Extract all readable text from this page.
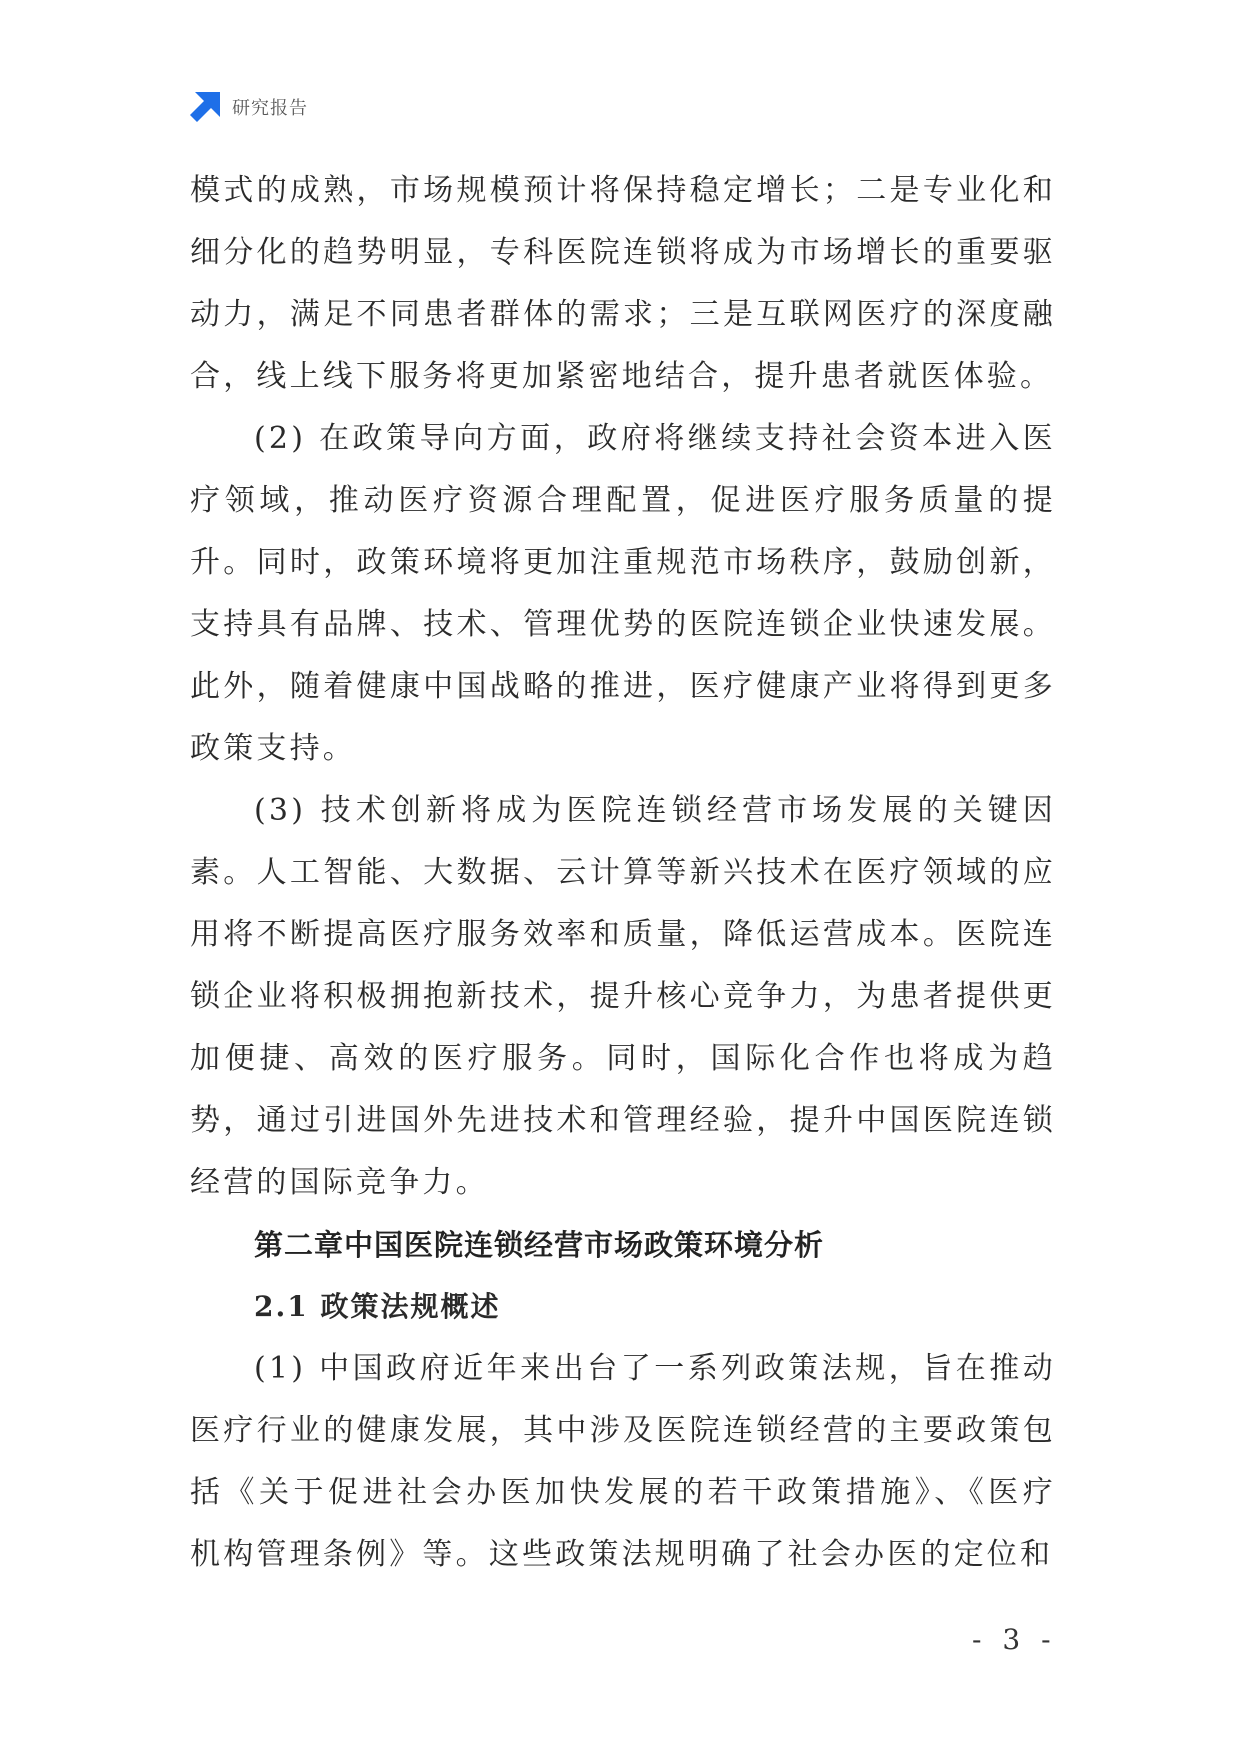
研究报告

模式的成熟，市场规模预计将保持稳定增长；二是专业化和细分化的趋势明显，专科医院连锁将成为市场增长的重要驱动力，满足不同患者群体的需求；三是互联网医疗的深度融合，线上线下服务将更加紧密地结合，提升患者就医体验。

(2) 在政策导向方面，政府将继续支持社会资本进入医疗领域，推动医疗资源合理配置，促进医疗服务质量的提升。同时，政策环境将更加注重规范市场秩序，鼓励创新，支持具有品牌、技术、管理优势的医院连锁企业快速发展。此外，随着健康中国战略的推进，医疗健康产业将得到更多政策支持。

(3) 技术创新将成为医院连锁经营市场发展的关键因素。人工智能、大数据、云计算等新兴技术在医疗领域的应用将不断提高医疗服务效率和质量，降低运营成本。医院连锁企业将积极拥抱新技术，提升核心竞争力，为患者提供更加便捷、高效的医疗服务。同时，国际化合作也将成为趋势，通过引进国外先进技术和管理经验，提升中国医院连锁经营的国际竞争力。

第二章中国医院连锁经营市场政策环境分析
2.1 政策法规概述

(1) 中国政府近年来出台了一系列政策法规，旨在推动医疗行业的健康发展，其中涉及医院连锁经营的主要政策包括《关于促进社会办医加快发展的若干政策措施》、《医疗机构管理条例》等。这些政策法规明确了社会办医的定位和

- 3 -
